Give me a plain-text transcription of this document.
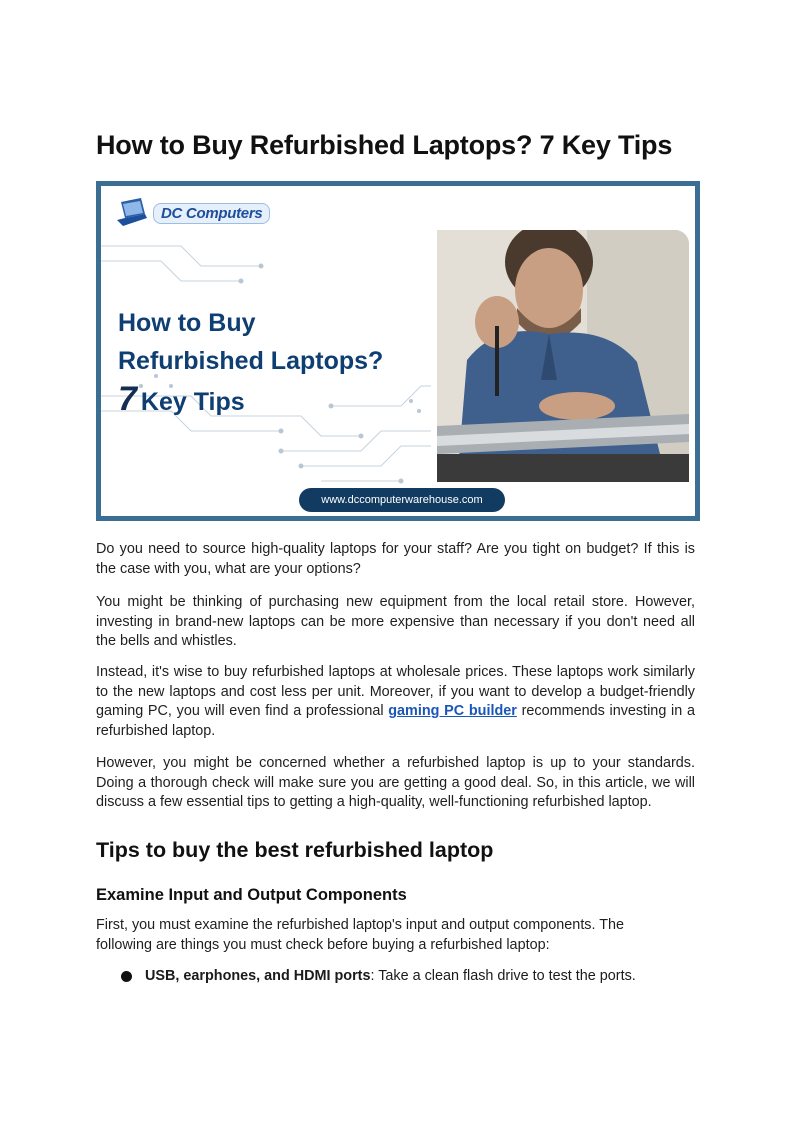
How to Buy Refurbished Laptops? 7 Key Tips
DC Computers
How to Buy
Refurbished Laptops?
7 Key Tips
www.dccomputerwarehouse.com

Do you need to source high-quality laptops for your staff? Are you tight on budget? If this is the case with you, what are your options?

You might be thinking of purchasing new equipment from the local retail store. However, investing in brand-new laptops can be more expensive than necessary if you don't need all the bells and whistles.

Instead, it's wise to buy refurbished laptops at wholesale prices. These laptops work similarly to the new laptops and cost less per unit. Moreover, if you want to develop a budget-friendly gaming PC, you will even find a professional gaming PC builder recommends investing in a refurbished laptop.

However, you might be concerned whether a refurbished laptop is up to your standards. Doing a thorough check will make sure you are getting a good deal. So, in this article, we will discuss a few essential tips to getting a high-quality, well-functioning refurbished laptop.

Tips to buy the best refurbished laptop
Examine Input and Output Components

First, you must examine the refurbished laptop's input and output components. The following are things you must check before buying a refurbished laptop:

USB, earphones, and HDMI ports: Take a clean flash drive to test the ports.
